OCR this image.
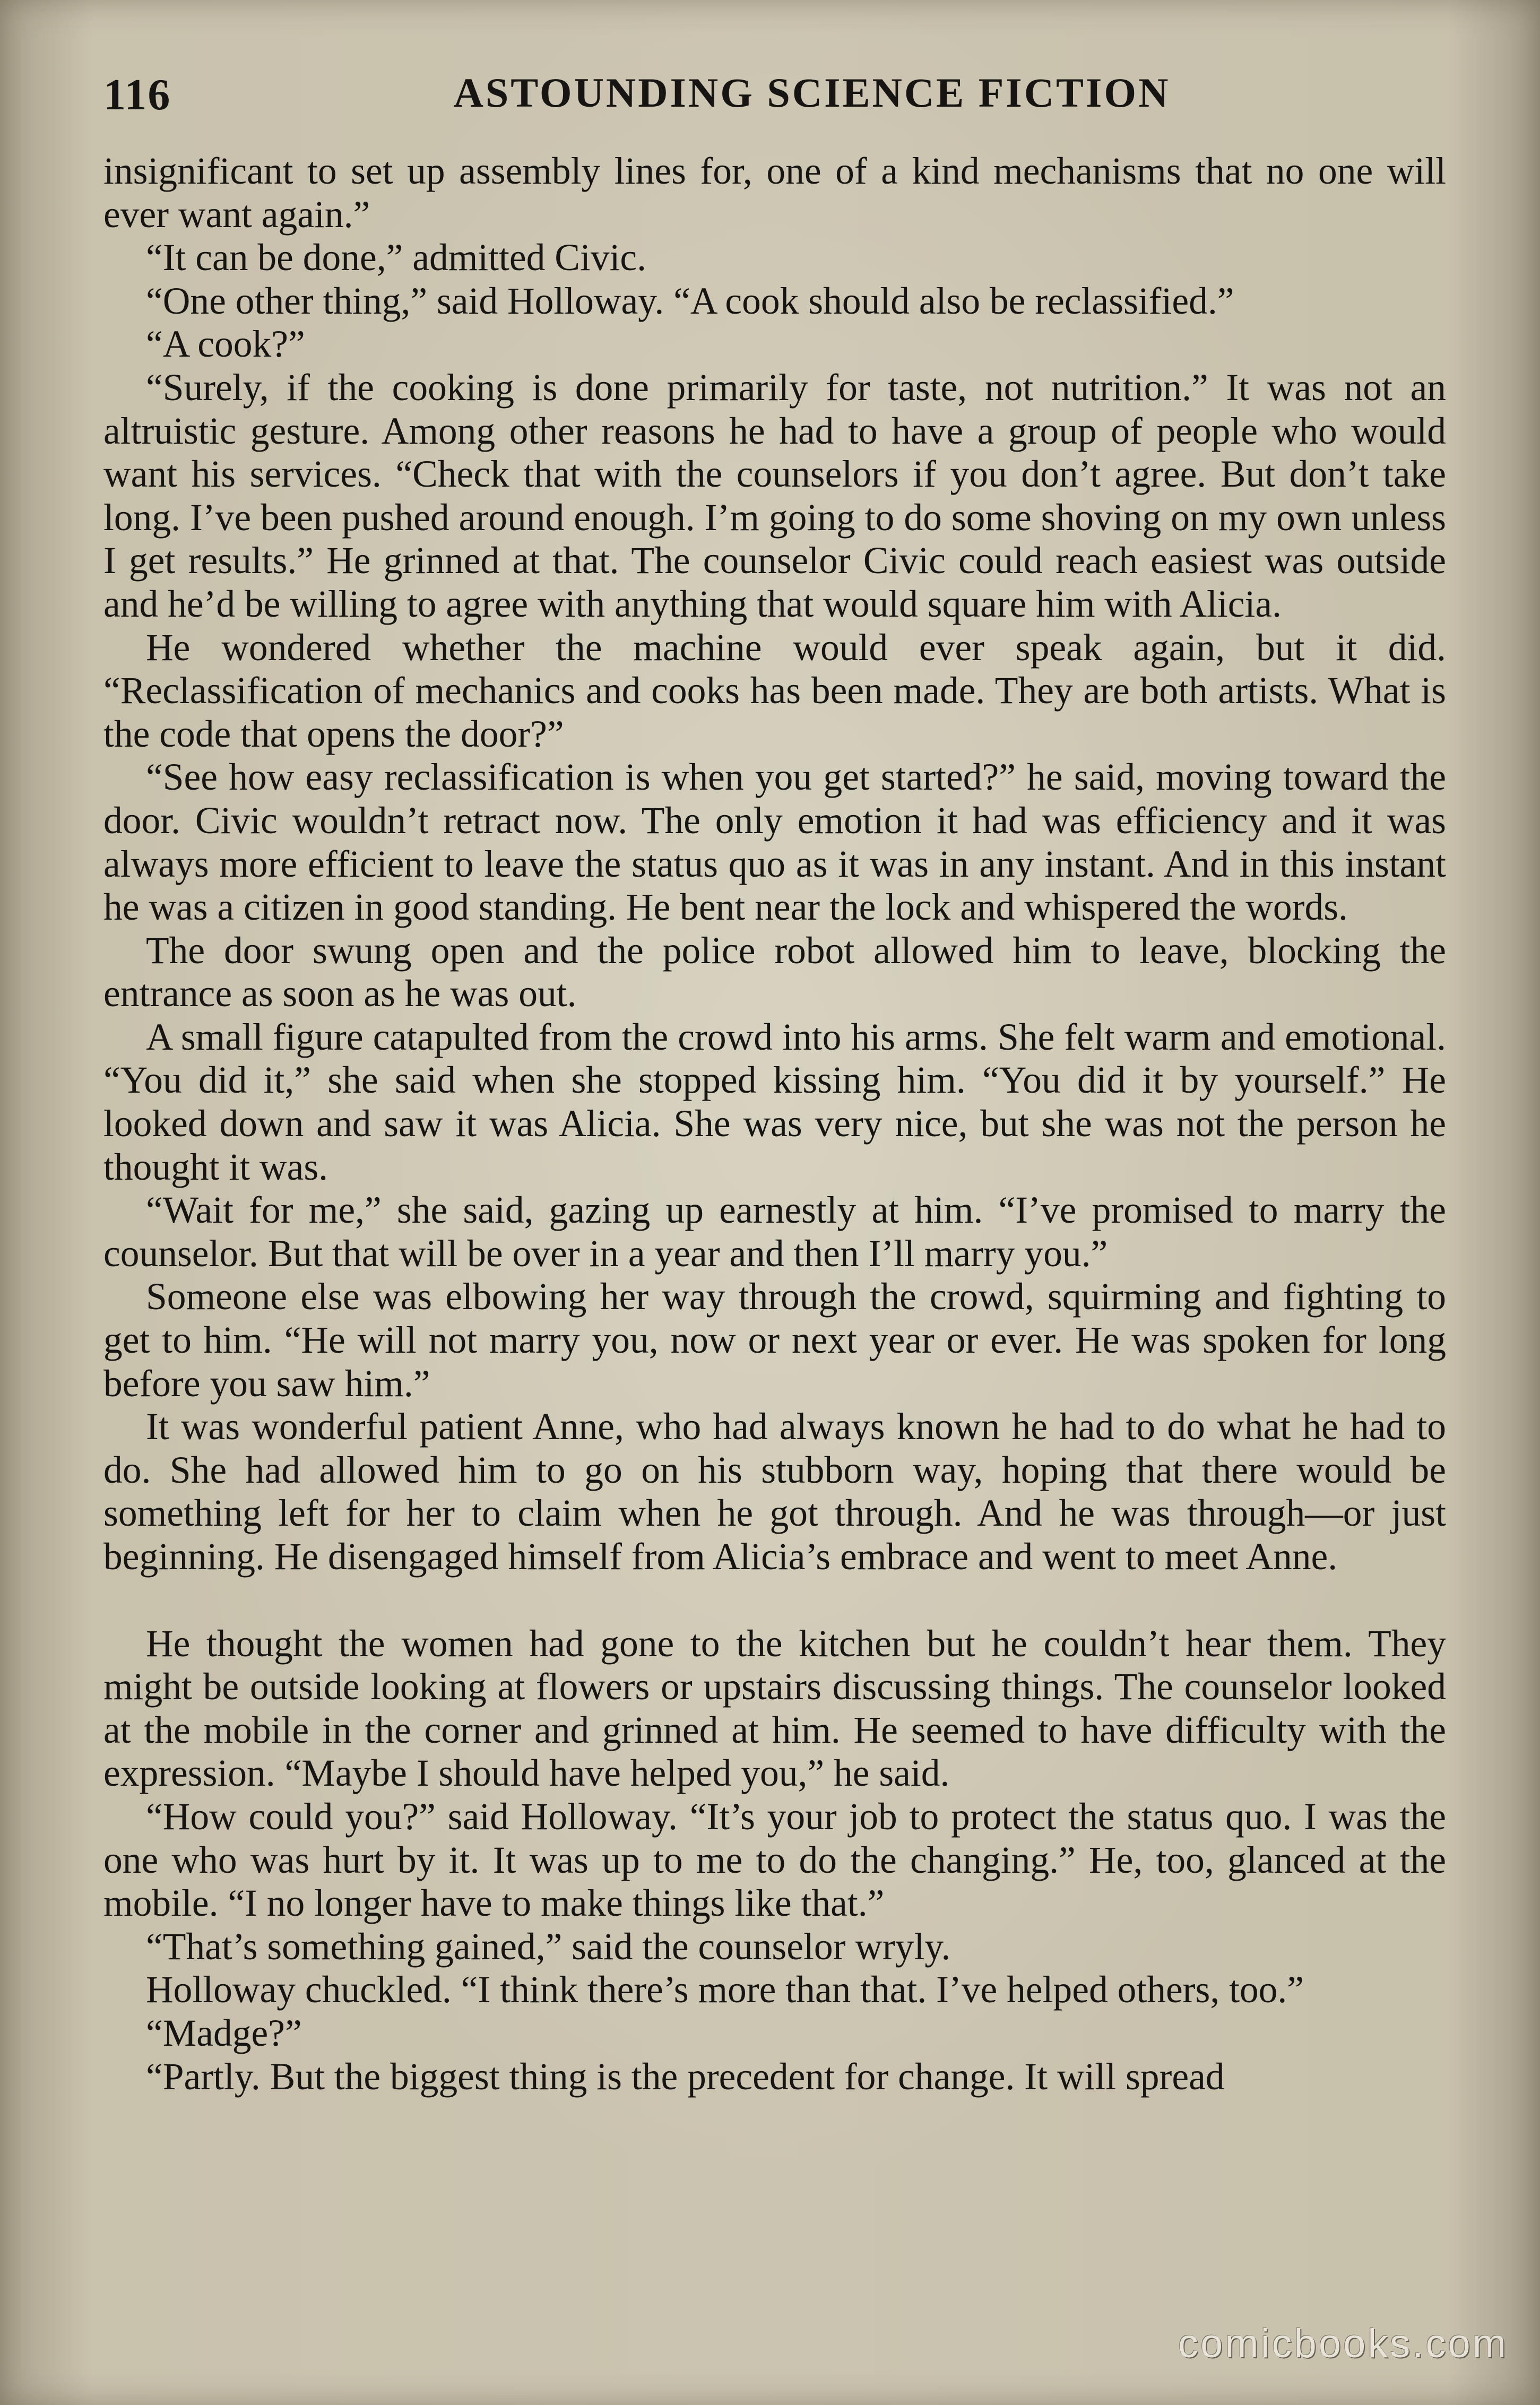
116	ASTOUNDING SCIENCE FICTION

insignificant to set up assembly lines for, one of a kind mechanisms that no one will ever want again.”

“It can be done,” admitted Civic.

“One other thing,” said Holloway. “A cook should also be reclassified.”

“A cook?”

“Surely, if the cooking is done primarily for taste, not nutrition.” It was not an altruistic gesture. Among other reasons he had to have a group of people who would want his services. “Check that with the counselors if you don’t agree. But don’t take long. I’ve been pushed around enough. I’m going to do some shoving on my own unless I get results.” He grinned at that. The counselor Civic could reach easiest was outside and he’d be willing to agree with anything that would square him with Alicia.

He wondered whether the machine would ever speak again, but it did. “Reclassification of mechanics and cooks has been made. They are both artists. What is the code that opens the door?”

“See how easy reclassification is when you get started?” he said, moving toward the door. Civic wouldn’t retract now. The only emotion it had was efficiency and it was always more efficient to leave the status quo as it was in any instant. And in this instant he was a citizen in good standing. He bent near the lock and whispered the words.

The door swung open and the police robot allowed him to leave, blocking the entrance as soon as he was out.

A small figure catapulted from the crowd into his arms. She felt warm and emotional. “You did it,” she said when she stopped kissing him. “You did it by yourself.” He looked down and saw it was Alicia. She was very nice, but she was not the person he thought it was.

“Wait for me,” she said, gazing up earnestly at him. “I’ve promised to marry the counselor. But that will be over in a year and then I’ll marry you.”

Someone else was elbowing her way through the crowd, squirming and fighting to get to him. “He will not marry you, now or next year or ever. He was spoken for long before you saw him.”

It was wonderful patient Anne, who had always known he had to do what he had to do. She had allowed him to go on his stubborn way, hoping that there would be something left for her to claim when he got through. And he was through—or just beginning. He disengaged himself from Alicia’s embrace and went to meet Anne.

He thought the women had gone to the kitchen but he couldn’t hear them. They might be outside looking at flowers or upstairs discussing things. The counselor looked at the mobile in the corner and grinned at him. He seemed to have difficulty with the expression. “Maybe I should have helped you,” he said.

“How could you?” said Holloway. “It’s your job to protect the status quo. I was the one who was hurt by it. It was up to me to do the changing.” He, too, glanced at the mobile. “I no longer have to make things like that.”

“That’s something gained,” said the counselor wryly.

Holloway chuckled. “I think there’s more than that. I’ve helped others, too.”

“Madge?”

“Partly. But the biggest thing is the precedent for change. It will spread

comicbooks.com
